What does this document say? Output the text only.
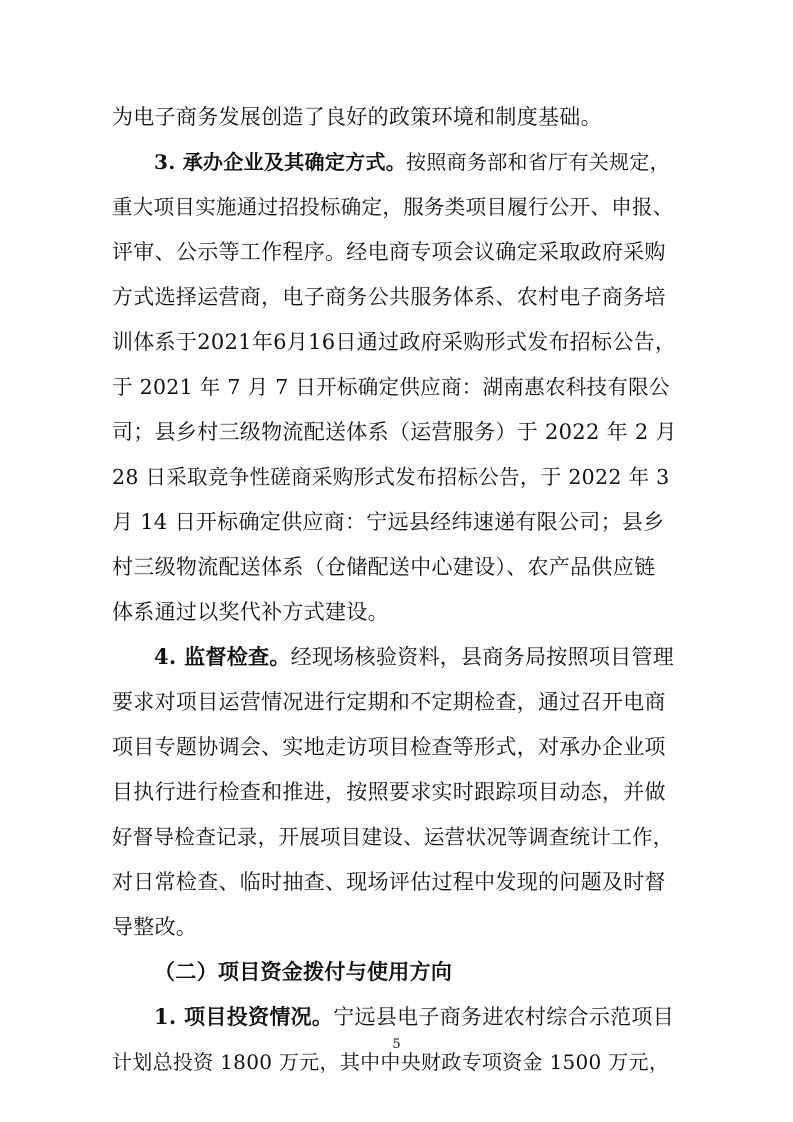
为电子商务发展创造了良好的政策环境和制度基础。
3. 承办企业及其确定方式。按照商务部和省厅有关规定，
重大项目实施通过招投标确定，服务类项目履行公开、申报、
评审、公示等工作程序。经电商专项会议确定采取政府采购
方式选择运营商，电子商务公共服务体系、农村电子商务培
训体系于2021年6月16日通过政府采购形式发布招标公告，
于 2021 年 7 月 7 日开标确定供应商：湖南惠农科技有限公
司；县乡村三级物流配送体系（运营服务）于 2022 年 2 月
28 日采取竞争性磋商采购形式发布招标公告，于 2022 年 3
月 14 日开标确定供应商：宁远县经纬速递有限公司；县乡
村三级物流配送体系（仓储配送中心建设）、农产品供应链
体系通过以奖代补方式建设。
4. 监督检查。经现场核验资料，县商务局按照项目管理
要求对项目运营情况进行定期和不定期检查，通过召开电商
项目专题协调会、实地走访项目检查等形式，对承办企业项
目执行进行检查和推进，按照要求实时跟踪项目动态，并做
好督导检查记录，开展项目建设、运营状况等调查统计工作，
对日常检查、临时抽查、现场评估过程中发现的问题及时督
导整改。
（二）项目资金拨付与使用方向
1. 项目投资情况。宁远县电子商务进农村综合示范项目
计划总投资 1800 万元，其中中央财政专项资金 1500 万元，
5
